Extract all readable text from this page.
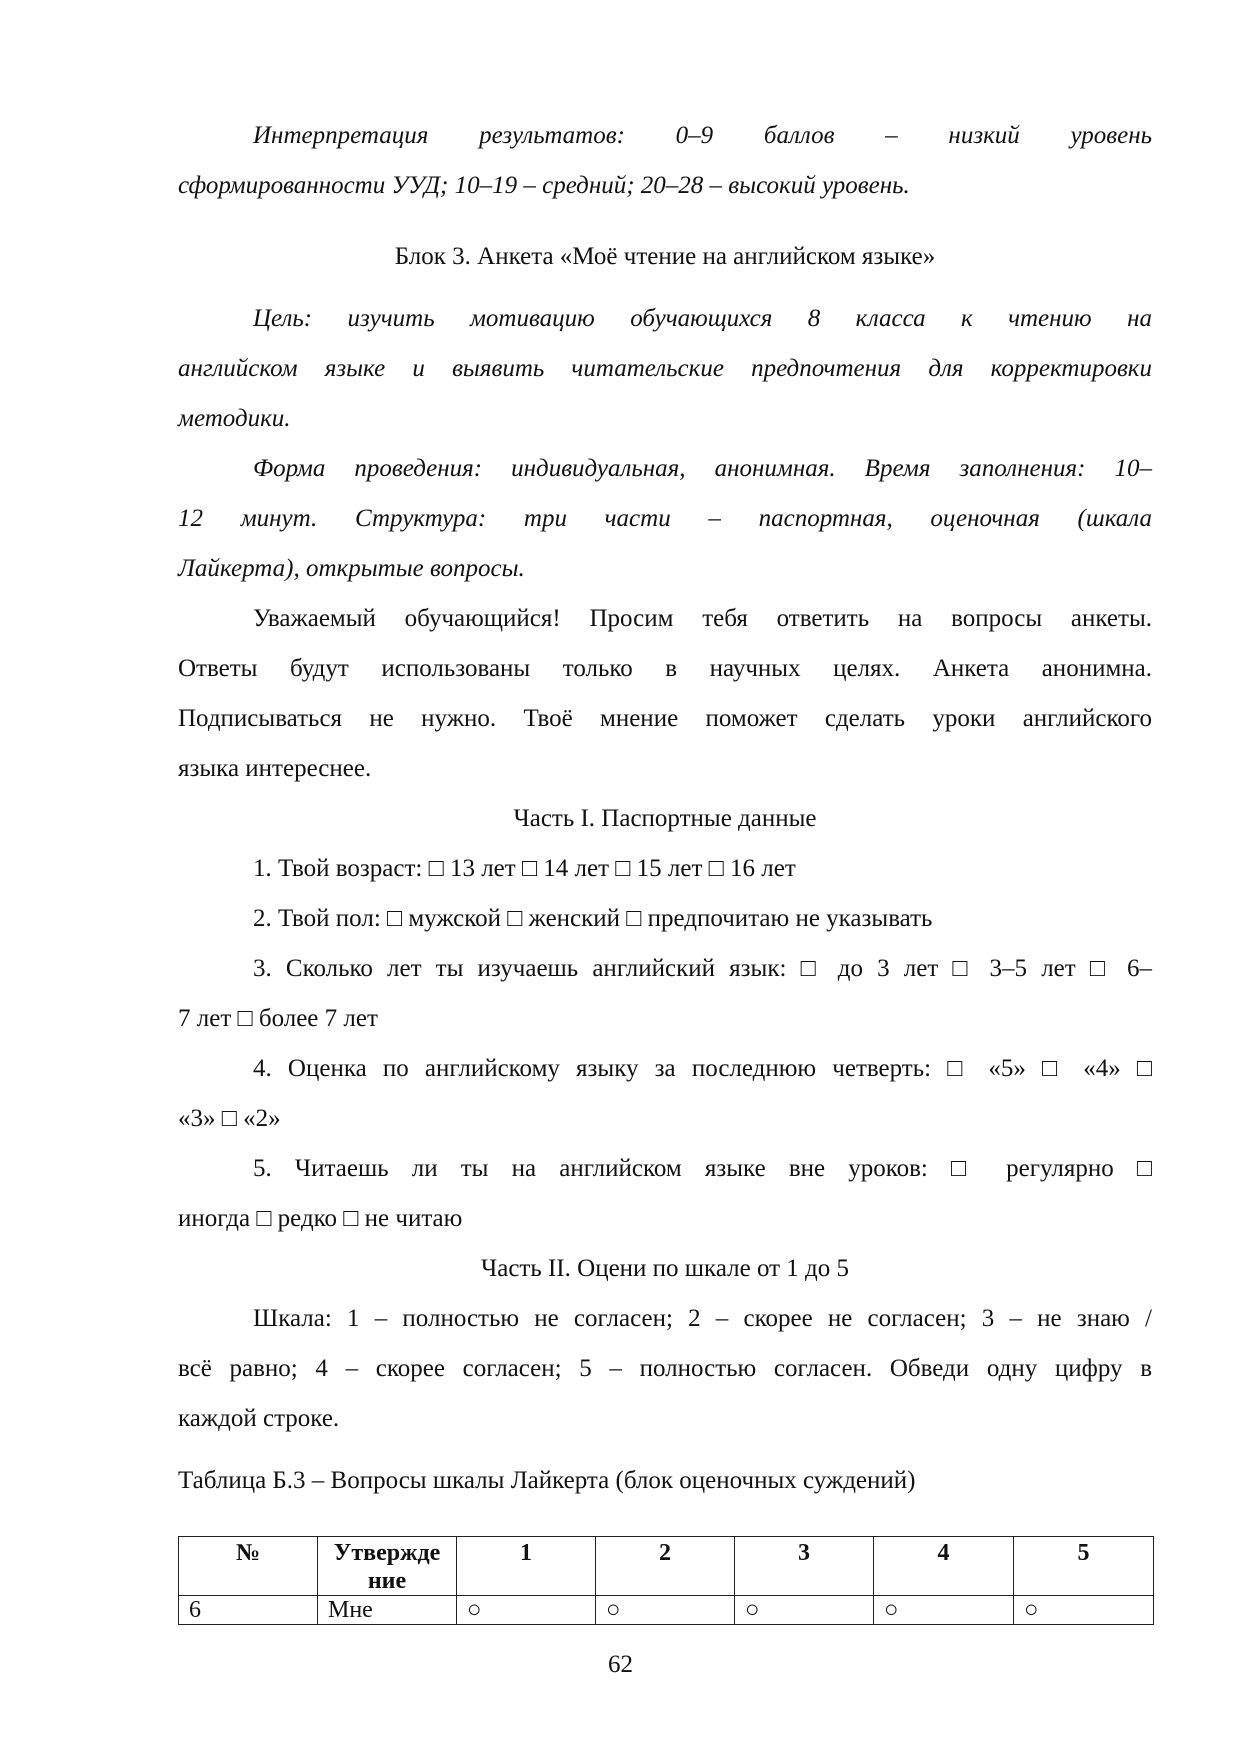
Интерпретация результатов: 0–9 баллов – низкий уровень

сформированности УУД; 10–19 – средний; 20–28 – высокий уровень.

Блок 3. Анкета «Моё чтение на английском языке»

Цель: изучить мотивацию обучающихся 8 класса к чтению на

английском языке и выявить читательские предпочтения для корректировки

методики.

Форма проведения: индивидуальная, анонимная. Время заполнения: 10–

12 минут. Структура: три части – паспортная, оценочная (шкала

Лайкерта), открытые вопросы.

Уважаемый обучающийся! Просим тебя ответить на вопросы анкеты.

Ответы будут использованы только в научных целях. Анкета анонимна.

Подписываться не нужно. Твоё мнение поможет сделать уроки английского

языка интереснее.

Часть I. Паспортные данные

1. Твой возраст: □ 13 лет □ 14 лет □ 15 лет □ 16 лет

2. Твой пол: □ мужской □ женский □ предпочитаю не указывать

3. Сколько лет ты изучаешь английский язык: □ до 3 лет □ 3–5 лет □ 6–

7 лет □ более 7 лет

4. Оценка по английскому языку за последнюю четверть: □ «5» □ «4» □

«3» □ «2»

5. Читаешь ли ты на английском языке вне уроков: □ регулярно □

иногда □ редко □ не читаю

Часть II. Оцени по шкале от 1 до 5

Шкала: 1 – полностью не согласен; 2 – скорее не согласен; 3 – не знаю /

всё равно; 4 – скорее согласен; 5 – полностью согласен. Обведи одну цифру в

каждой строке.

Таблица Б.3 – Вопросы шкалы Лайкерта (блок оценочных суждений)

№	Утвержде ние	1	2	3	4	5
6	Мне	○	○	○	○	○
62
